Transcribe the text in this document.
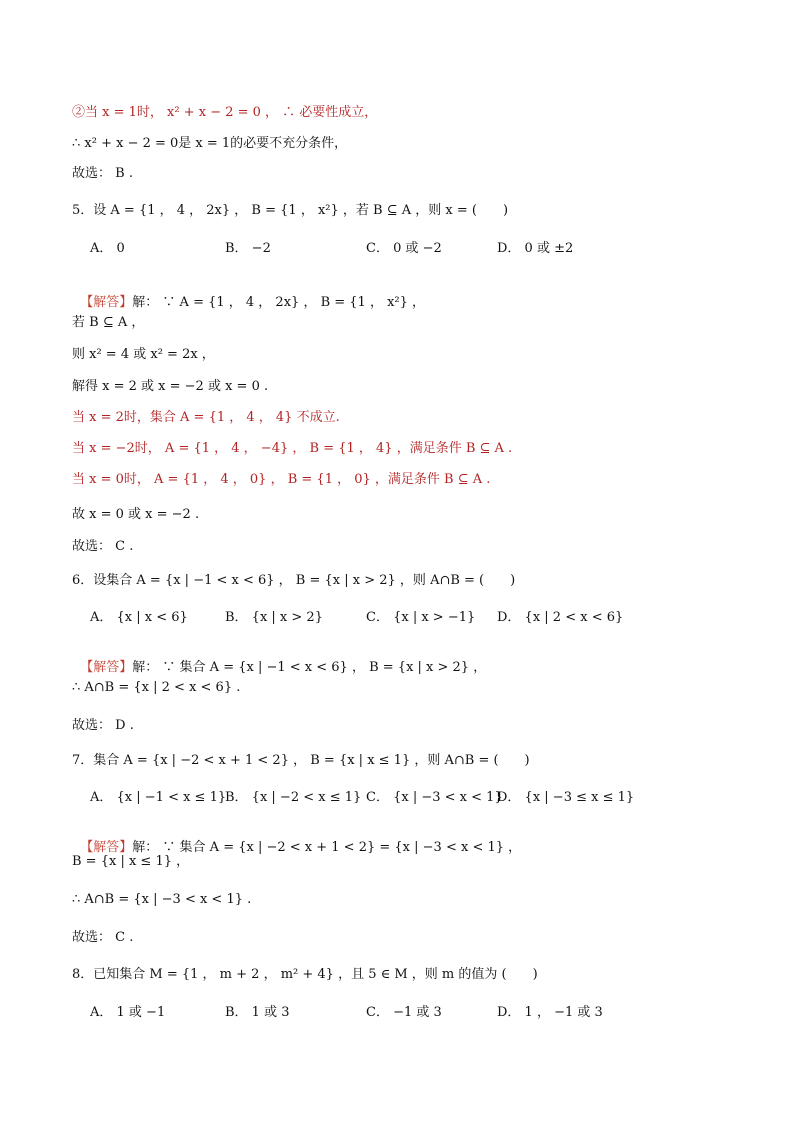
②当 x = 1时， x² + x − 2 = 0 ， ∴ 必要性成立，
∴ x² + x − 2 = 0是 x = 1的必要不充分条件，
故选： B .
5．设 A = {1 ， 4 ， 2x} ， B = {1 ， x²} ，若 B ⊆ A ，则 x = (　　)
A． 0	B． −2	C． 0 或 −2	D． 0 或 ±2

【解答】解： ∵ A = {1 ， 4 ， 2x} ， B = {1 ， x²} ，

若 B ⊆ A ，
则 x² = 4 或 x² = 2x ，
解得 x = 2 或 x = −2 或 x = 0 .
当 x = 2时，集合 A = {1 ， 4 ， 4} 不成立.
当 x = −2时， A = {1 ， 4 ， −4} ， B = {1 ， 4} ，满足条件 B ⊆ A .
当 x = 0时， A = {1 ， 4 ， 0} ， B = {1 ， 0} ，满足条件 B ⊆ A .
故 x = 0 或 x = −2 .
故选： C .
6．设集合 A = {x | −1 < x < 6} ， B = {x | x > 2} ，则 A∩B = (　　)
A． {x | x < 6}	B． {x | x > 2}	C． {x | x > −1} D． {x | 2 < x < 6}

【解答】解： ∵ 集合 A = {x | −1 < x < 6} ， B = {x | x > 2} ，

∴ A∩B = {x | 2 < x < 6} .
故选： D .
7．集合 A = {x | −2 < x + 1 < 2} ， B = {x | x ≤ 1} ，则 A∩B = (　　)
A． {x | −1 < x ≤ 1}
B． {x | −2 < x ≤ 1} C． {x | −3 < x < 1}
D． {x | −3 ≤ x ≤ 1}

【解答】解： ∵ 集合 A = {x | −2 < x + 1 < 2} = {x | −3 < x < 1} ，

B = {x | x ≤ 1} ，
∴ A∩B = {x | −3 < x < 1} .
故选： C .
8．已知集合 M = {1 ， m + 2 ， m² + 4} ，且 5 ∈ M ，则 m 的值为 (　　)
A． 1 或 −1	B． 1 或 3	C． −1 或 3	D． 1 ， −1 或 3
